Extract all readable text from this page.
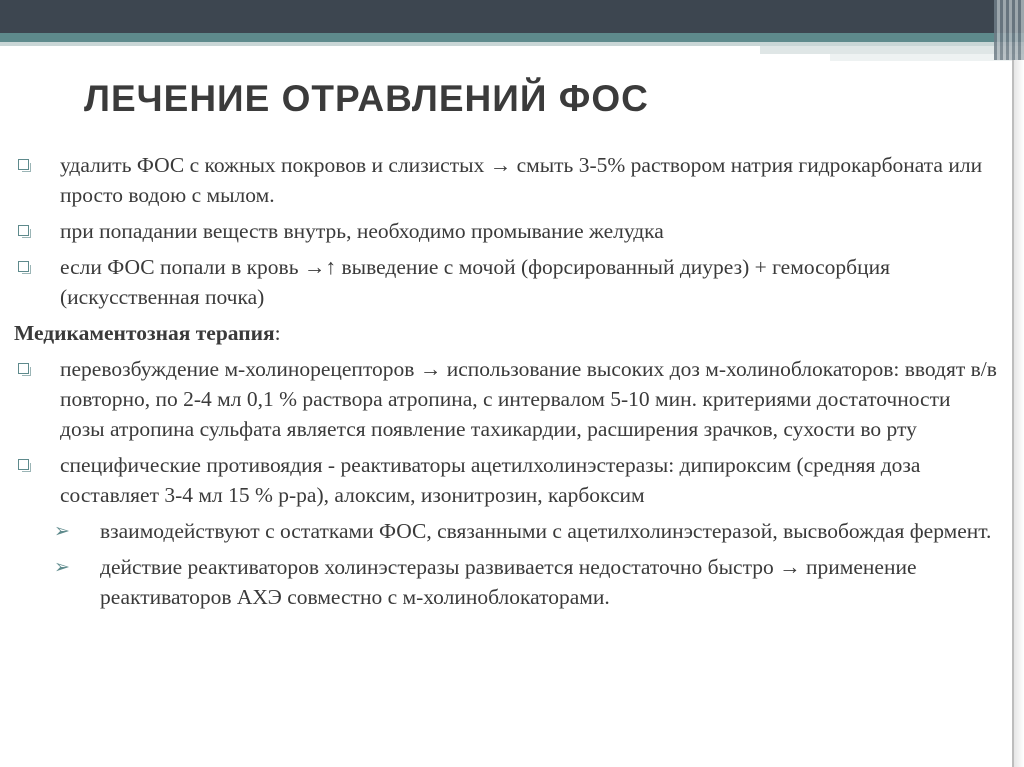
ЛЕЧЕНИЕ ОТРАВЛЕНИЙ ФОС
удалить ФОС с кожных покровов и слизистых → смыть 3-5% раствором натрия гидрокарбоната или просто водою с мылом.
при попадании веществ внутрь, необходимо промывание желудка
если ФОС попали в кровь →↑ выведение с мочой (форсированный диурез) + гемосорбция (искусственная почка)
Медикаментозная терапия:
перевозбуждение м-холинорецепторов → использование высоких доз м-холиноблокаторов: вводят в/в повторно, по 2-4 мл 0,1 % раствора атропина, с интервалом 5-10 мин. критериями достаточности дозы атропина сульфата является появление тахикардии, расширения зрачков, сухости во рту
специфические противоядия - реактиваторы ацетилхолинэстеразы: дипироксим (средняя доза составляет 3-4 мл 15 % р-ра), алоксим, изонитрозин, карбоксим
➢ взаимодействуют с остатками ФОС, связанными с ацетилхолинэстеразой, высвобождая фермент.
➢ действие реактиваторов холинэстеразы развивается недостаточно быстро → применение реактиваторов АХЭ совместно с м-холиноблокаторами.
